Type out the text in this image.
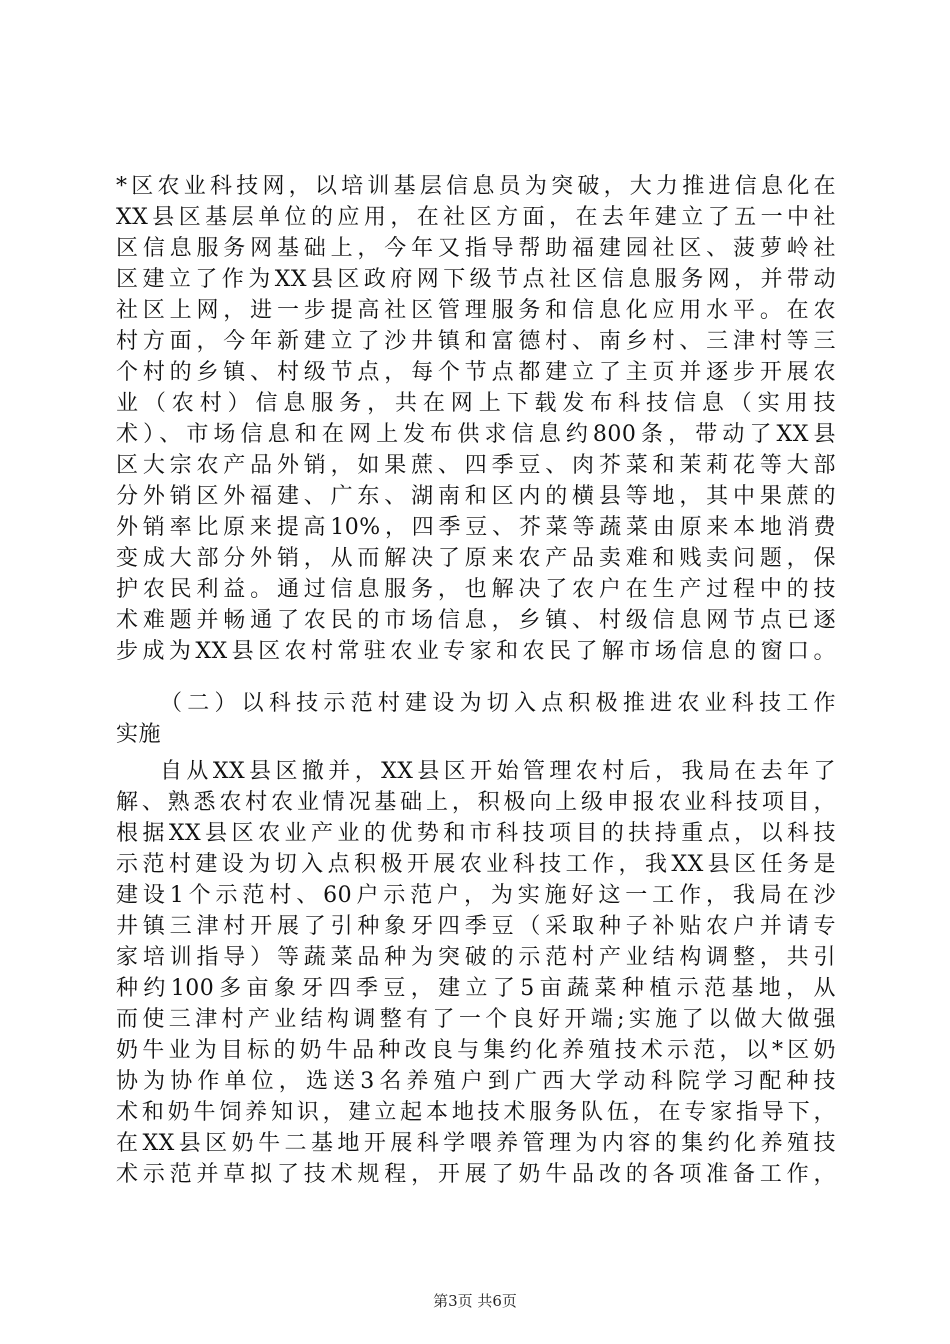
*区农业科技网，以培训基层信息员为突破，大力推进信息化在
XX县区基层单位的应用，在社区方面，在去年建立了五一中社
区信息服务网基础上，今年又指导帮助福建园社区、菠萝岭社
区建立了作为XX县区政府网下级节点社区信息服务网，并带动
社区上网，进一步提高社区管理服务和信息化应用水平。在农
村方面，今年新建立了沙井镇和富德村、南乡村、三津村等三
个村的乡镇、村级节点，每个节点都建立了主页并逐步开展农
业（农村）信息服务，共在网上下载发布科技信息（实用技
术）、市场信息和在网上发布供求信息约800条，带动了XX县
区大宗农产品外销，如果蔗、四季豆、肉芥菜和茉莉花等大部
分外销区外福建、广东、湖南和区内的横县等地，其中果蔗的
外销率比原来提高10%，四季豆、芥菜等蔬菜由原来本地消费
变成大部分外销，从而解决了原来农产品卖难和贱卖问题，保
护农民利益。通过信息服务，也解决了农户在生产过程中的技
术难题并畅通了农民的市场信息，乡镇、村级信息网节点已逐
步成为XX县区农村常驻农业专家和农民了解市场信息的窗口。
（二）以科技示范村建设为切入点积极推进农业科技工作
实施
自从XX县区撤并，XX县区开始管理农村后，我局在去年了
解、熟悉农村农业情况基础上，积极向上级申报农业科技项目，
根据XX县区农业产业的优势和市科技项目的扶持重点，以科技
示范村建设为切入点积极开展农业科技工作，我XX县区任务是
建设1个示范村、60户示范户，为实施好这一工作，我局在沙
井镇三津村开展了引种象牙四季豆（采取种子补贴农户并请专
家培训指导）等蔬菜品种为突破的示范村产业结构调整，共引
种约100多亩象牙四季豆，建立了5亩蔬菜种植示范基地，从
而使三津村产业结构调整有了一个良好开端;实施了以做大做强
奶牛业为目标的奶牛品种改良与集约化养殖技术示范，以*区奶
协为协作单位，选送3名养殖户到广西大学动科院学习配种技
术和奶牛饲养知识，建立起本地技术服务队伍，在专家指导下，
在XX县区奶牛二基地开展科学喂养管理为内容的集约化养殖技
术示范并草拟了技术规程，开展了奶牛品改的各项准备工作，
第3页 共6页
